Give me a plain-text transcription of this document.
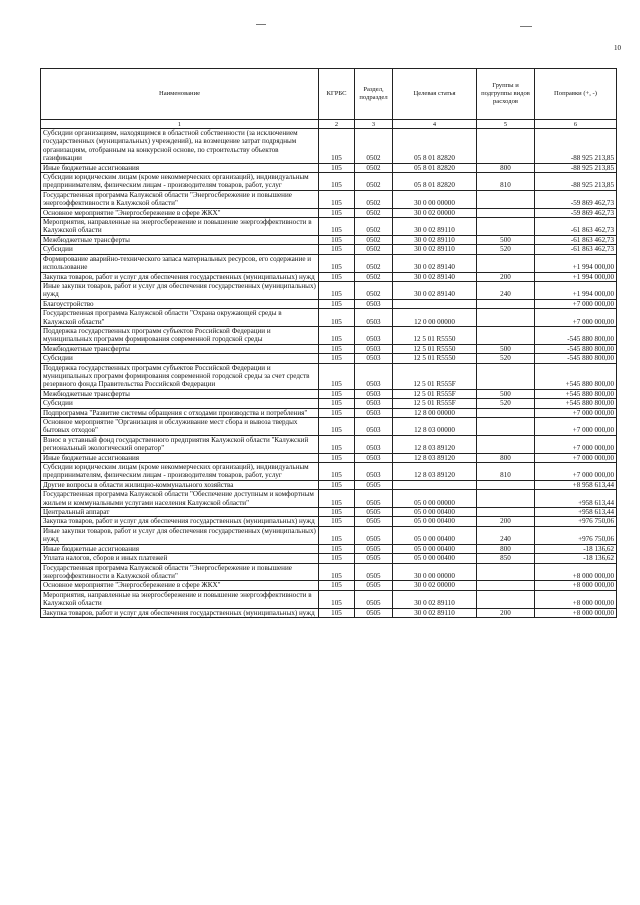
10
Наименование	КГРБС	Раздел, подраздел	Целевая статья	Группы и подгруппы видов расходов	Поправки (+, -)
1	2	3	4	5	6
Субсидии организациям, находящимся в областной собственности (за исключением государственных (муниципальных) учреждений), на возмещение затрат подрядным организациям, отобранным на конкурсной основе, по строительству объектов газификации	105	0502	05 8 01 82820		-88 925 213,85
Иные бюджетные ассигнования	105	0502	05 8 01 82820	800	-88 925 213,85
Субсидии юридическим лицам (кроме некоммерческих организаций), индивидуальным предпринимателям, физическим лицам - производителям товаров, работ, услуг	105	0502	05 8 01 82820	810	-88 925 213,85
Государственная программа Калужской области "Энергосбережение и повышение энергоэффективности в Калужской области"	105	0502	30 0 00 00000		-59 869 462,73
Основное мероприятие "Энергосбережение в сфере ЖКХ"	105	0502	30 0 02 00000		-59 869 462,73
Мероприятия, направленные на энергосбережение и повышение энергоэффективности в Калужской области	105	0502	30 0 02 89110		-61 863 462,73
Межбюджетные трансферты	105	0502	30 0 02 89110	500	-61 863 462,73
Субсидии	105	0502	30 0 02 89110	520	-61 863 462,73
Формирование аварийно-технического запаса материальных ресурсов, его содержание и использование	105	0502	30 0 02 89140		+1 994 000,00
Закупка товаров, работ и услуг для обеспечения государственных (муниципальных) нужд	105	0502	30 0 02 89140	200	+1 994 000,00
Иные закупки товаров, работ и услуг для обеспечения государственных (муниципальных) нужд	105	0502	30 0 02 89140	240	+1 994 000,00
Благоустройство	105	0503			+7 000 000,00
Государственная программа Калужской области "Охрана окружающей среды в Калужской области"	105	0503	12 0 00 00000		+7 000 000,00
Поддержка государственных программ субъектов Российской Федерации и муниципальных программ формирования современной городской среды	105	0503	12 5 01 R5550		-545 880 800,00
Межбюджетные трансферты	105	0503	12 5 01 R5550	500	-545 880 800,00
Субсидии	105	0503	12 5 01 R5550	520	-545 880 800,00
Поддержка государственных программ субъектов Российской Федерации и муниципальных программ формирования современной городской среды за счет средств резервного фонда Правительства Российской Федерации	105	0503	12 5 01 R555F		+545 880 800,00
Межбюджетные трансферты	105	0503	12 5 01 R555F	500	+545 880 800,00
Субсидии	105	0503	12 5 01 R555F	520	+545 880 800,00
Подпрограмма "Развитие системы обращения с отходами производства и потребления"	105	0503	12 8 00 00000		+7 000 000,00
Основное мероприятие "Организация и обслуживание мест сбора и вывоза твердых бытовых отходов"	105	0503	12 8 03 00000		+7 000 000,00
Взнос в уставный фонд государственного предприятия Калужской области "Калужский региональный экологический оператор"	105	0503	12 8 03 89120		+7 000 000,00
Иные бюджетные ассигнования	105	0503	12 8 03 89120	800	+7 000 000,00
Субсидии юридическим лицам (кроме некоммерческих организаций), индивидуальным предпринимателям, физическим лицам - производителям товаров, работ, услуг	105	0503	12 8 03 89120	810	+7 000 000,00
Другие вопросы в области жилищно-коммунального хозяйства	105	0505			+8 958 613,44
Государственная программа Калужской области "Обеспечение доступным и комфортным жильем и коммунальными услугами населения Калужской области"	105	0505	05 0 00 00000		+958 613,44
Центральный аппарат	105	0505	05 0 00 00400		+958 613,44
Закупка товаров, работ и услуг для обеспечения государственных (муниципальных) нужд	105	0505	05 0 00 00400	200	+976 750,06
Иные закупки товаров, работ и услуг для обеспечения государственных (муниципальных) нужд	105	0505	05 0 00 00400	240	+976 750,06
Иные бюджетные ассигнования	105	0505	05 0 00 00400	800	-18 136,62
Уплата налогов, сборов и иных платежей	105	0505	05 0 00 00400	850	-18 136,62
Государственная программа Калужской области "Энергосбережение и повышение энергоэффективности в Калужской области"	105	0505	30 0 00 00000		+8 000 000,00
Основное мероприятие "Энергосбережение в сфере ЖКХ"	105	0505	30 0 02 00000		+8 000 000,00
Мероприятия, направленные на энергосбережение и повышение энергоэффективности в Калужской области	105	0505	30 0 02 89110		+8 000 000,00
Закупка товаров, работ и услуг для обеспечения государственных (муниципальных) нужд	105	0505	30 0 02 89110	200	+8 000 000,00
